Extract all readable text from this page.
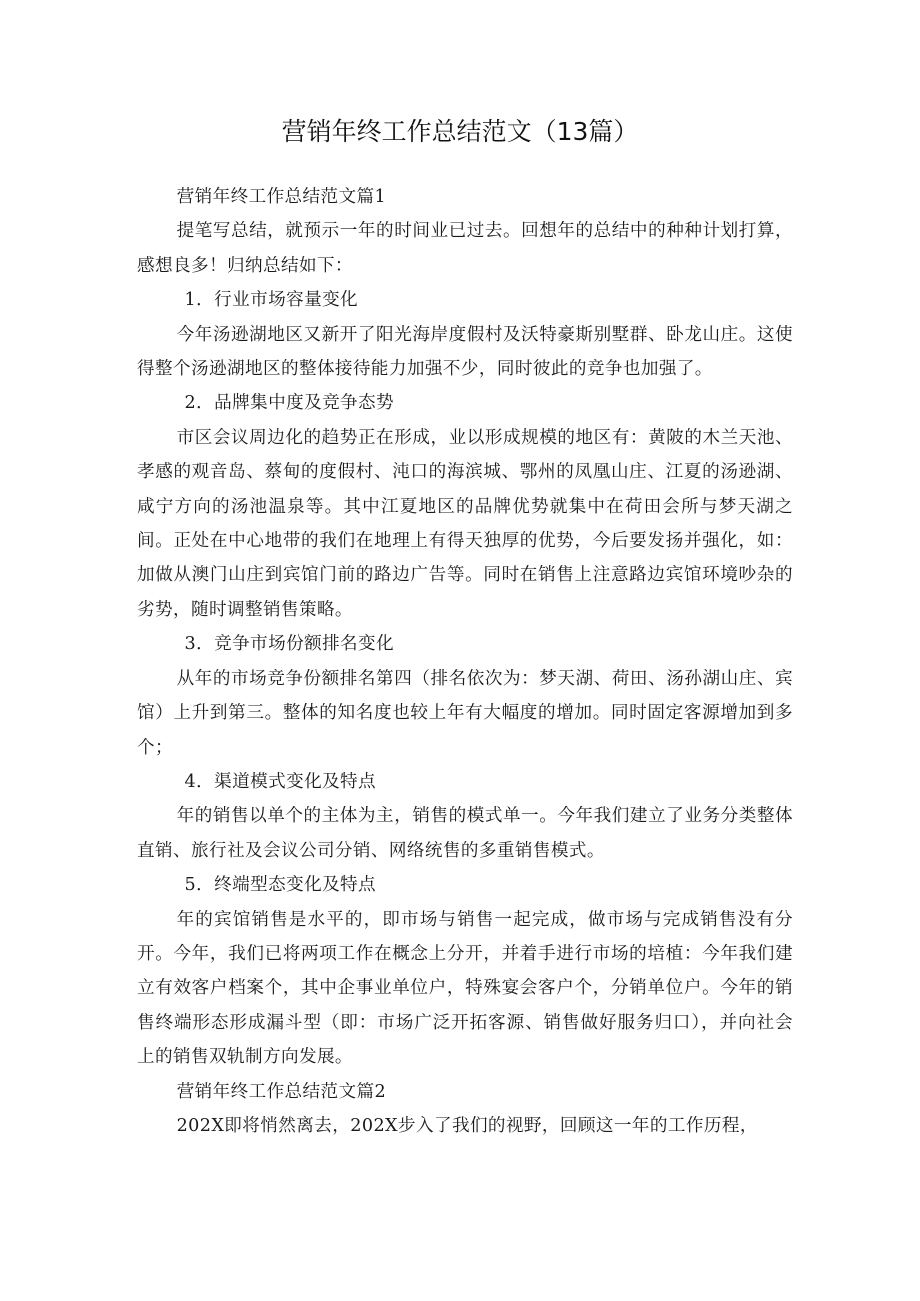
营销年终工作总结范文（13篇）

营销年终工作总结范文篇1

提笔写总结，就预示一年的时间业已过去。回想年的总结中的种种计划打算，感想良多！归纳总结如下：

1．行业市场容量变化

今年汤逊湖地区又新开了阳光海岸度假村及沃特豪斯别墅群、卧龙山庄。这使得整个汤逊湖地区的整体接待能力加强不少，同时彼此的竞争也加强了。

2．品牌集中度及竞争态势

市区会议周边化的趋势正在形成，业以形成规模的地区有：黄陂的木兰天池、孝感的观音岛、蔡甸的度假村、沌口的海滨城、鄂州的凤凰山庄、江夏的汤逊湖、咸宁方向的汤池温泉等。其中江夏地区的品牌优势就集中在荷田会所与梦天湖之间。正处在中心地带的我们在地理上有得天独厚的优势，今后要发扬并强化，如：加做从澳门山庄到宾馆门前的路边广告等。同时在销售上注意路边宾馆环境吵杂的劣势，随时调整销售策略。

3．竞争市场份额排名变化

从年的市场竞争份额排名第四（排名依次为：梦天湖、荷田、汤孙湖山庄、宾馆）上升到第三。整体的知名度也较上年有大幅度的增加。同时固定客源增加到多个；

4．渠道模式变化及特点

年的销售以单个的主体为主，销售的模式单一。今年我们建立了业务分类整体直销、旅行社及会议公司分销、网络统售的多重销售模式。

5．终端型态变化及特点

年的宾馆销售是水平的，即市场与销售一起完成，做市场与完成销售没有分开。今年，我们已将两项工作在概念上分开，并着手进行市场的培植：今年我们建立有效客户档案个，其中企事业单位户，特殊宴会客户个，分销单位户。今年的销售终端形态形成漏斗型（即：市场广泛开拓客源、销售做好服务归口），并向社会上的销售双轨制方向发展。

营销年终工作总结范文篇2

202X即将悄然离去，202X步入了我们的视野，回顾这一年的工作历程，
